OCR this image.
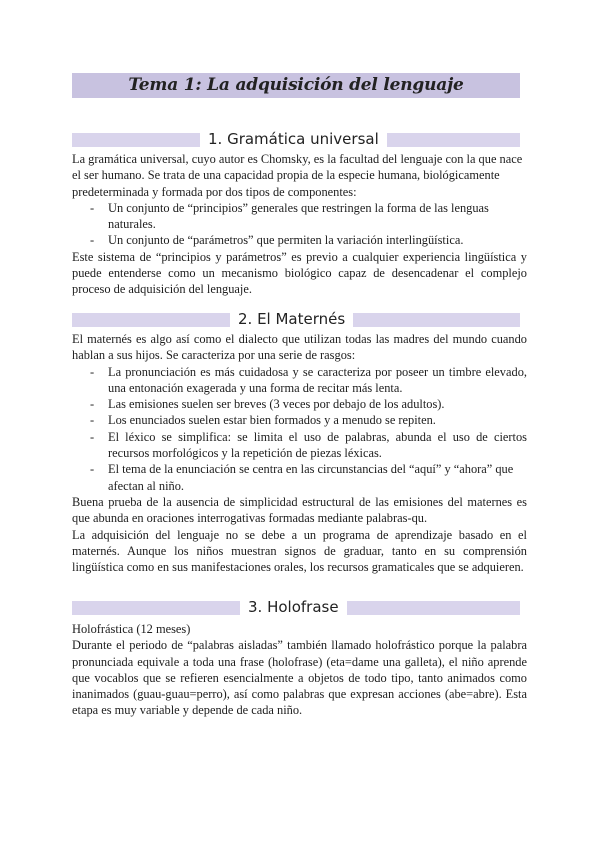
Tema 1: La adquisición del lenguaje
1. Gramática universal

La gramática universal, cuyo autor es Chomsky, es la facultad del lenguaje con la que nace el ser humano. Se trata de una capacidad propia de la especie humana, biológicamente predeterminada y formada por dos tipos de componentes:

- Un conjunto de “principios” generales que restringen la forma de las lenguas naturales.
- Un conjunto de “parámetros” que permiten la variación interlingüística.

Este sistema de “principios y parámetros” es previo a cualquier experiencia lingüística y puede entenderse como un mecanismo biológico capaz de desencadenar el complejo proceso de adquisición del lenguaje.

2. El Maternés

El maternés es algo así como el dialecto que utilizan todas las madres del mundo cuando hablan a sus hijos. Se caracteriza por una serie de rasgos:

- La pronunciación es más cuidadosa y se caracteriza por poseer un timbre elevado, una entonación exagerada y una forma de recitar más lenta.
- Las emisiones suelen ser breves (3 veces por debajo de los adultos).
- Los enunciados suelen estar bien formados y a menudo se repiten.
- El léxico se simplifica: se limita el uso de palabras, abunda el uso de ciertos recursos morfológicos y la repetición de piezas léxicas.
- El tema de la enunciación se centra en las circunstancias del “aquí” y “ahora” que afectan al niño.

Buena prueba de la ausencia de simplicidad estructural de las emisiones del maternes es que abunda en oraciones interrogativas formadas mediante palabras-qu.

La adquisición del lenguaje no se debe a un programa de aprendizaje basado en el maternés. Aunque los niños muestran signos de graduar, tanto en su comprensión lingüística como en sus manifestaciones orales, los recursos gramaticales que se adquieren.

3. Holofrase

Holofrástica (12 meses)

Durante el periodo de “palabras aisladas” también llamado holofrástico porque la palabra pronunciada equivale a toda una frase (holofrase) (eta=dame una galleta), el niño aprende que vocablos que se refieren esencialmente a objetos de todo tipo, tanto animados como inanimados (guau-guau=perro), así como palabras que expresan acciones (abe=abre). Esta etapa es muy variable y depende de cada niño.
